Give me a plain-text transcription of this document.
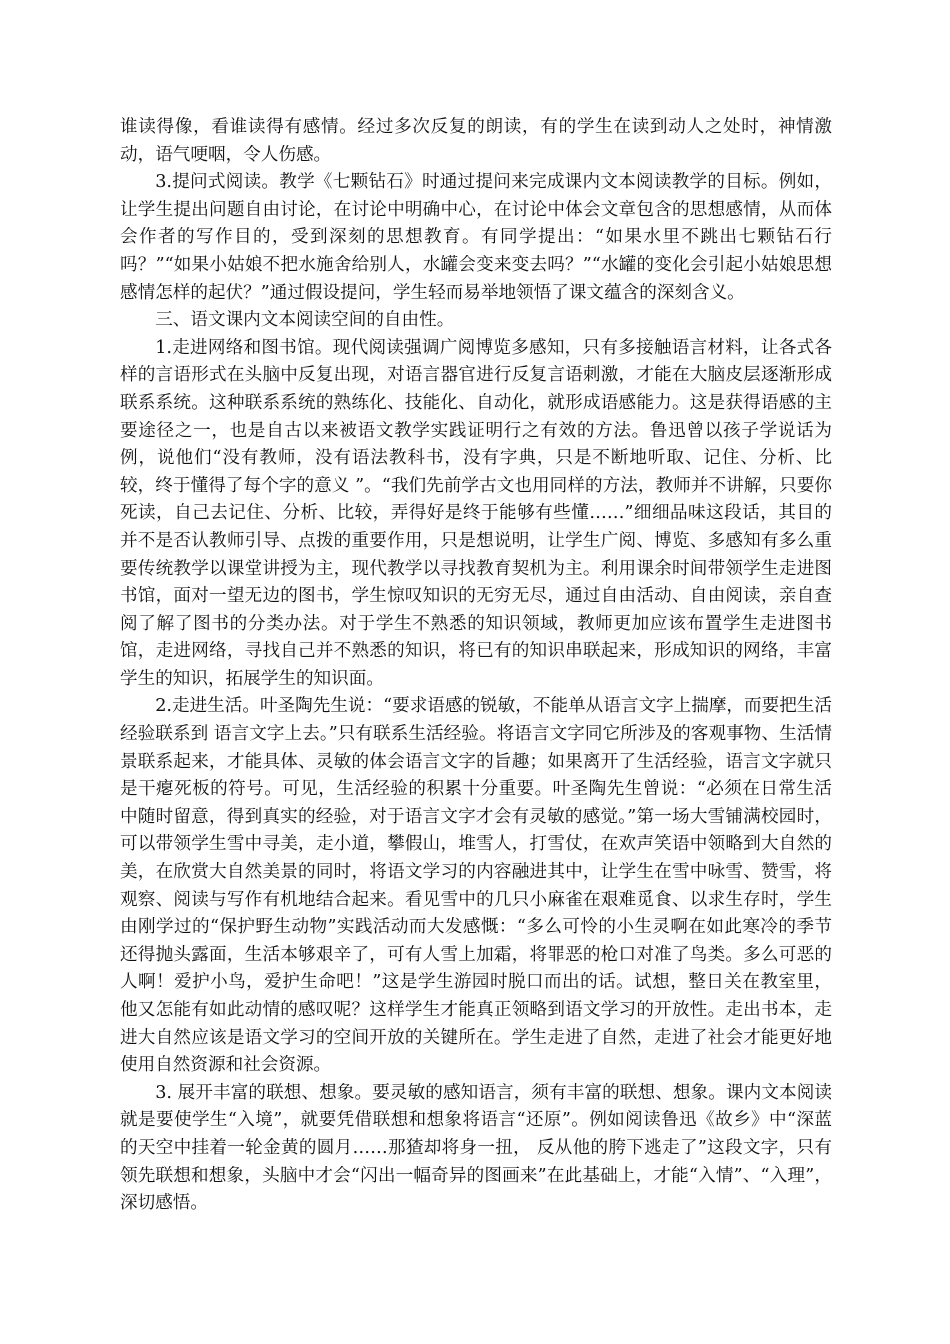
谁读得像，看谁读得有感情。经过多次反复的朗读，有的学生在读到动人之处时，神情激动，语气哽咽，令人伤感。

3.提问式阅读。教学《七颗钻石》时通过提问来完成课内文本阅读教学的目标。例如，让学生提出问题自由讨论，在讨论中明确中心，在讨论中体会文章包含的思想感情，从而体会作者的写作目的，受到深刻的思想教育。有同学提出：“如果水里不跳出七颗钻石行吗？”“如果小姑娘不把水施舍给别人，水罐会变来变去吗？”“水罐的变化会引起小姑娘思想感情怎样的起伏？”通过假设提问，学生轻而易举地领悟了课文蕴含的深刻含义。

三、语文课内文本阅读空间的自由性。

1.走进网络和图书馆。现代阅读强调广阅博览多感知，只有多接触语言材料，让各式各样的言语形式在头脑中反复出现，对语言器官进行反复言语刺激，才能在大脑皮层逐渐形成联系系统。这种联系系统的熟练化、技能化、自动化，就形成语感能力。这是获得语感的主要途径之一，也是自古以来被语文教学实践证明行之有效的方法。鲁迅曾以孩子学说话为例，说他们“没有教师，没有语法教科书，没有字典，只是不断地听取、记住、分析、比较，终于懂得了每个字的意义 ”。“我们先前学古文也用同样的方法，教师并不讲解，只要你死读，自己去记住、分析、比较，弄得好是终于能够有些懂……”细细品味这段话，其目的并不是否认教师引导、点拨的重要作用，只是想说明，让学生广阅、博览、多感知有多么重要传统教学以课堂讲授为主，现代教学以寻找教育契机为主。利用课余时间带领学生走进图书馆，面对一望无边的图书，学生惊叹知识的无穷无尽，通过自由活动、自由阅读，亲自查阅了解了图书的分类办法。对于学生不熟悉的知识领域，教师更加应该布置学生走进图书馆，走进网络，寻找自己并不熟悉的知识，将已有的知识串联起来，形成知识的网络，丰富学生的知识，拓展学生的知识面。

2.走进生活。叶圣陶先生说：“要求语感的锐敏，不能单从语言文字上揣摩，而要把生活经验联系到 语言文字上去。”只有联系生活经验。将语言文字同它所涉及的客观事物、生活情景联系起来，才能具体、灵敏的体会语言文字的旨趣；如果离开了生活经验，语言文字就只是干瘪死板的符号。可见，生活经验的积累十分重要。叶圣陶先生曾说：“必须在日常生活中随时留意，得到真实的经验，对于语言文字才会有灵敏的感觉。”第一场大雪铺满校园时，可以带领学生雪中寻美，走小道，攀假山，堆雪人，打雪仗，在欢声笑语中领略到大自然的美，在欣赏大自然美景的同时，将语文学习的内容融进其中，让学生在雪中咏雪、赞雪，将观察、阅读与写作有机地结合起来。看见雪中的几只小麻雀在艰难觅食、以求生存时，学生由刚学过的“保护野生动物”实践活动而大发感慨：“多么可怜的小生灵啊在如此寒冷的季节还得抛头露面，生活本够艰辛了，可有人雪上加霜，将罪恶的枪口对准了鸟类。多么可恶的人啊！爱护小鸟，爱护生命吧！”这是学生游园时脱口而出的话。试想，整日关在教室里，他又怎能有如此动情的感叹呢？这样学生才能真正领略到语文学习的开放性。走出书本，走进大自然应该是语文学习的空间开放的关键所在。学生走进了自然，走进了社会才能更好地使用自然资源和社会资源。

3. 展开丰富的联想、想象。要灵敏的感知语言，须有丰富的联想、想象。课内文本阅读就是要使学生“入境”，就要凭借联想和想象将语言“还原”。例如阅读鲁迅《故乡》中“深蓝的天空中挂着一轮金黄的圆月……那猹却将身一扭， 反从他的胯下逃走了”这段文字，只有领先联想和想象，头脑中才会“闪出一幅奇异的图画来”在此基础上，才能“入情”、“入理”，深切感悟。
